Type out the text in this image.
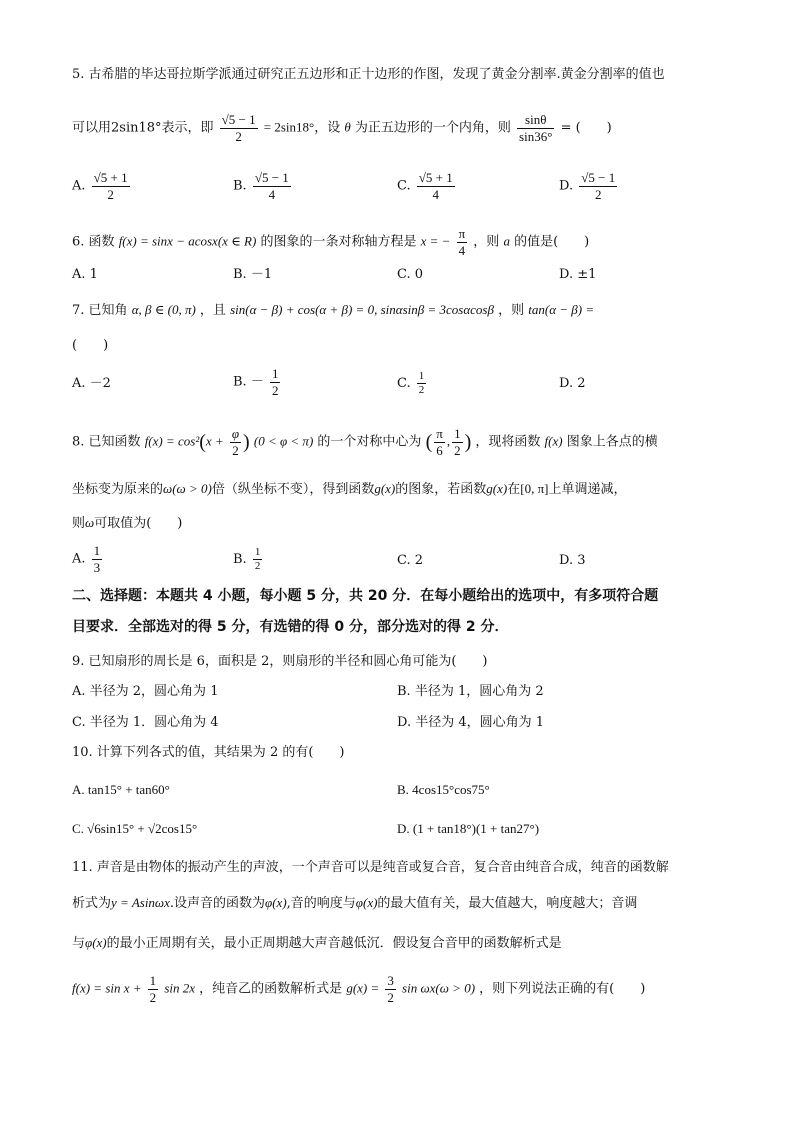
5. 古希腊的毕达哥拉斯学派通过研究正五边形和正十边形的作图，发现了黄金分割率.黄金分割率的值也
可以用2sin18°表示，即 $\frac{√5 - 1}{2} = 2\sin 18^\circ$，设 θ 为正五边形的一个内角，则 $\frac{\sin\theta}{\sin 36^\circ}$ = (　　)
A. $\frac{√5 + 1}{2}$	B. $\frac{√5 - 1}{4}$	C. $\frac{√5 + 1}{4}$	D. $\frac{√5 - 1}{2}$
6. 函数 f(x) = sinx − acosx(x ∈ R) 的图象的一条对称轴方程是 x = − $\frac{\pi}{4}$ ，则 a 的值是(　　)
A. 1	B. －1	C. 0	D. ±1
7. 已知角 α, β ∈ (0, π) ，且 sin(α − β) + cos(α + β) = 0, sinαsinβ = 3cosαcosβ ，则 tan(α − β) =
(　　)
A. －2	B. － $\frac{1}{2}$	C. $\frac{1}{2}$	D. 2
8. 已知函数 $f(x) = \cos^2(x + \frac{\varphi}{2}$ ) (0 < φ < π) 的一个对称中心为 ( $\frac{\pi}{6}$ , $\frac{1}{2}$ ) ，现将函数 f(x) 图象上各点的横
坐标变为原来的ω(ω > 0)倍（纵坐标不变），得到函数g(x)的图象，若函数g(x)在[0, π]上单调递减，
则ω可取值为(　　)
A. $\frac{1}{3}$	B. $\frac{1}{2}$	C. 2	D. 3
二、选择题：本题共 4 小题，每小题 5 分，共 20 分．在每小题给出的选项中，有多项符合题
目要求．全部选对的得 5 分，有选错的得 0 分，部分选对的得 2 分．
9. 已知扇形的周长是 6，面积是 2，则扇形的半径和圆心角可能为(　　)
A. 半径为 2，圆心角为 1	B. 半径为 1，圆心角为 2
C. 半径为 1．圆心角为 4	D. 半径为 4，圆心角为 1
10. 计算下列各式的值，其结果为 2 的有(　　)
A. tan15° + tan60°	B. 4cos15°cos75°
C. √6sin15° + √2cos15°	D. (1 + tan18°)(1 + tan27°)
11. 声音是由物体的振动产生的声波，一个声音可以是纯音或复合音，复合音由纯音合成，纯音的函数解
析式为y = Asinωx.设声音的函数为φ(x),音的响度与φ(x)的最大值有关，最大值越大，响度越大；音调
与φ(x)的最小正周期有关，最小正周期越大声音越低沉．假设复合音甲的函数解析式是
$f(x) = \sin x + \frac{1}{2}$ sin 2x ，纯音乙的函数解析式是 $g(x) = \frac{3}{2}$ sin ωx(ω > 0) ，则下列说法正确的有(　　)
